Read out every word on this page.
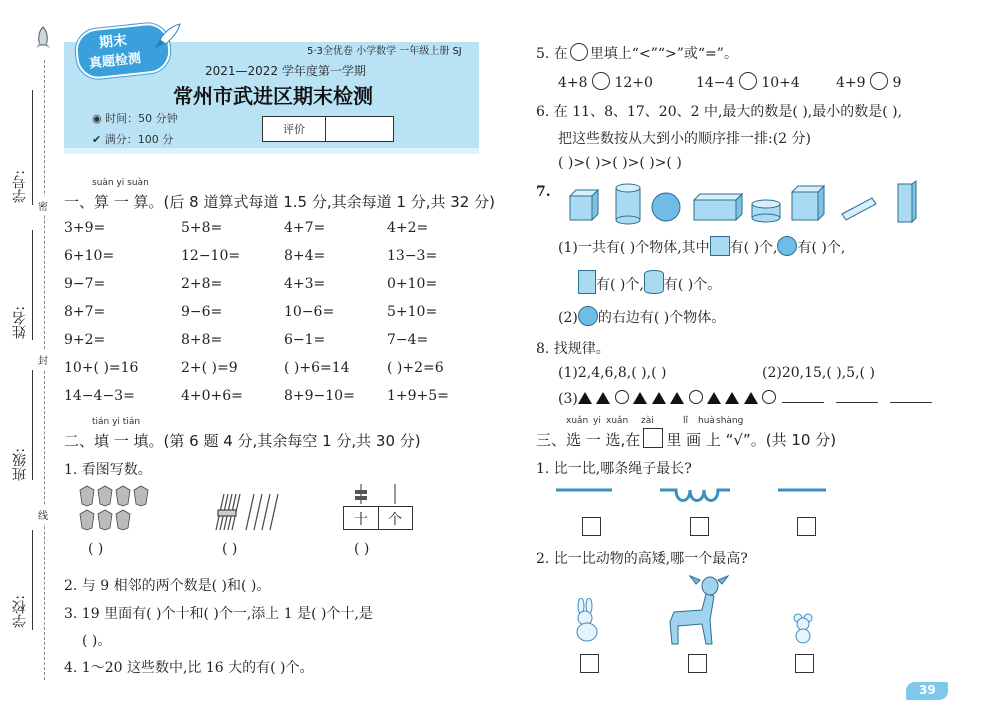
密
封
线
学号:
姓名:
班级:
学校:
期末
真题检测	5·3全优卷 小学数学 一年级上册 SJ
2021—2022 学年度第一学期
常州市武进区期末检测
◉ 时间：50 分钟
✔ 满分：100 分
评价
suàn yi suàn
一、算 一 算。(后 8 道算式每道 1.5 分,其余每道 1 分,共 32 分)
3+9=	5+8=	4+7=	4+2=
6+10=	12−10=	8+4=	13−3=
9−7=	2+8=	4+3=	0+10=
8+7=	9−6=	10−6=	5+10=
9+2=	8+8=	6−1=	7−4=
10+( )=16	2+( )=9	( )+6=14	( )+2=6
14−4−3=	4+0+6=	8+9−10= 1+9+5=
tián yi tián
二、填 一 填。(第 6 题 4 分,其余每空 1 分,共 30 分)
1. 看图写数。
( )	( )
十 个
( )
2. 与 9 相邻的两个数是( )和( )。
3. 19 里面有( )个十和( )个一,添上 1 是( )个十,是
( )。
4. 1～20 这些数中,比 16 大的有( )个。
5. 在 里填上“<”“>”或“=”。
4+8 12+0	14−4 10+4	4+9 9
6. 在 11、8、17、20、2 中,最大的数是( ),最小的数是( ),
把这些数按从大到小的顺序排一排:(2 分)
( )>( )>( )>( )>( )
7.
(1)一共有( )个物体,其中 有( )个, 有( )个,
有( )个, 有( )个。
(2) 的右边有( )个物体。
8. 找规律。
(1)2,4,6,8,( ),( )	(2)20,15,( ),5,( )
(3)
xuǎn yi xuǎn zài	lǐ huà shàng
三、选 一 选,在 里 画 上 “√”。(共 10 分)
1. 比一比,哪条绳子最长?
2. 比一比动物的高矮,哪一个最高?
39
